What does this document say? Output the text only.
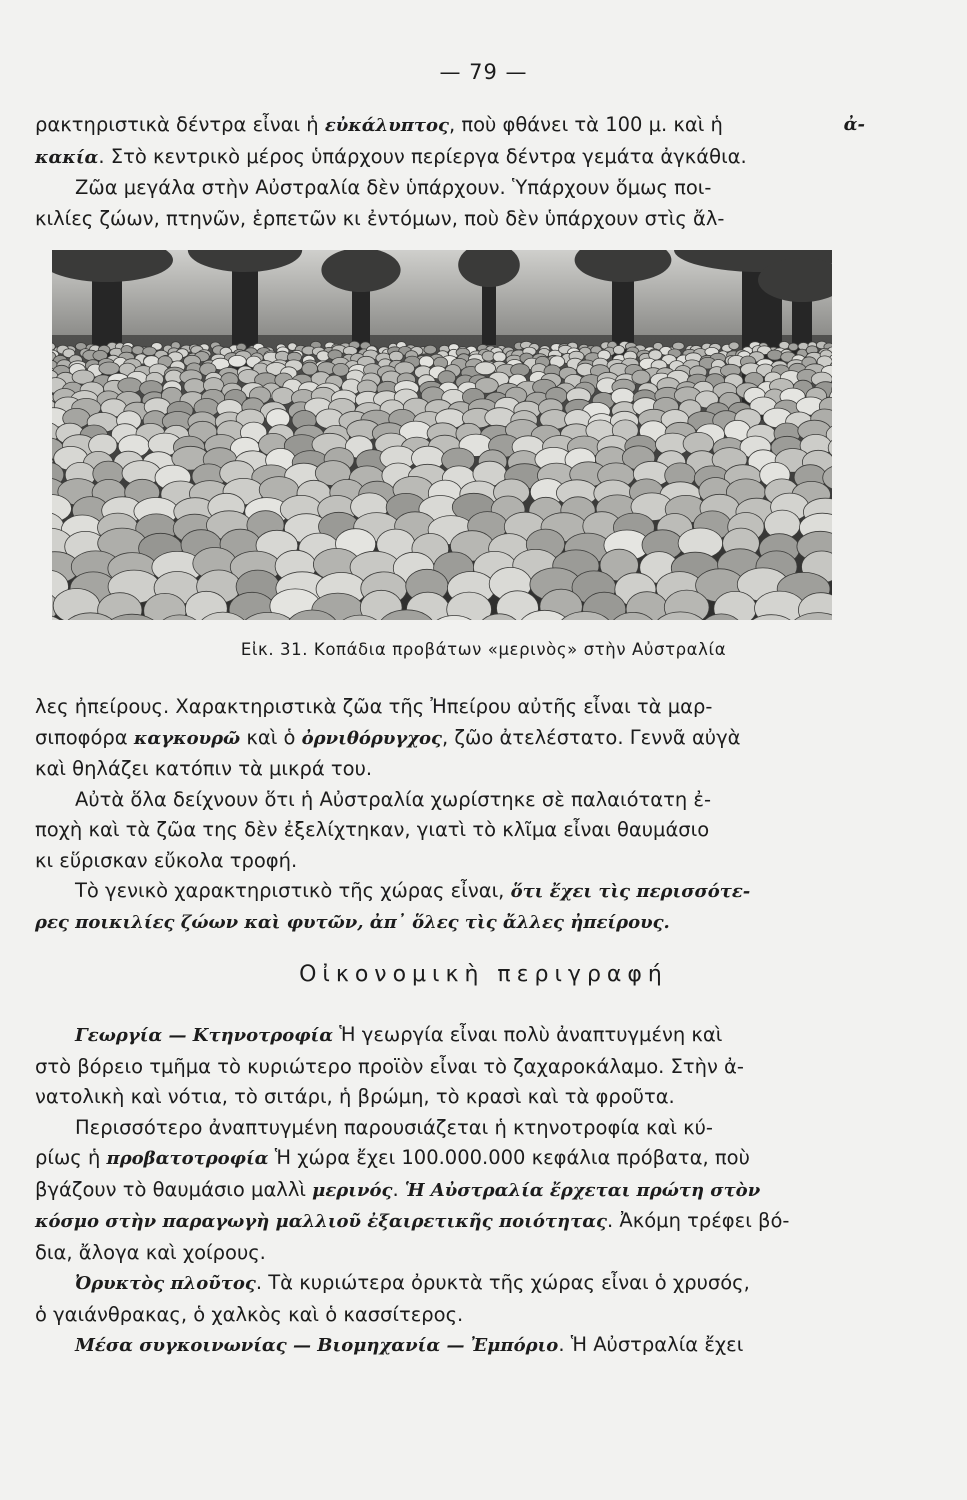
— 79 —
ρακτηριστικὰ δέντρα εἶναι ἡ εὐκάλυπτος, ποὺ φθάνει τὰ 100 μ. καὶ ἡ	ἀ-
κακία. Στὸ κεντρικὸ μέρος ὑπάρχουν περίεργα δέντρα γεμάτα ἀγκάθια.
Ζῶα μεγάλα στὴν Αὐστραλία δὲν ὑπάρχουν. Ὑπάρχουν ὅμως ποι-
κιλίες ζώων, πτηνῶν, ἑρπετῶν κι ἐντόμων, ποὺ δὲν ὑπάρχουν στὶς ἄλ-
Εἰκ. 31. Κοπάδια προβάτων «μερινὸς» στὴν Αὐστραλία
λες ἠπείρους. Χαρακτηριστικὰ ζῶα τῆς Ἠπείρου αὐτῆς εἶναι τὰ μαρ-
σιποφόρα καγκουρῶ καὶ ὁ ὀρνιθόρυγχος, ζῶο ἀτελέστατο. Γεννᾶ αὐγὰ
καὶ θηλάζει κατόπιν τὰ μικρά του.
Αὐτὰ ὅλα δείχνουν ὅτι ἡ Αὐστραλία χωρίστηκε σὲ παλαιότατη ἐ-
ποχὴ καὶ τὰ ζῶα της δὲν ἐξελίχτηκαν, γιατὶ τὸ κλῖμα εἶναι θαυμάσιο
κι εὕρισκαν εὔκολα τροφή.
Τὸ γενικὸ χαρακτηριστικὸ τῆς χώρας εἶναι, ὅτι ἔχει τὶς περισσότε-
ρες ποικιλίες ζώων καὶ φυτῶν, ἀπ᾿ ὅλες τὶς ἄλλες ἠπείρους.
Οἰκονομικὴ περιγραφή
Γεωργία — Κτηνοτροφία Ἡ γεωργία εἶναι πολὺ ἀναπτυγμένη καὶ
στὸ βόρειο τμῆμα τὸ κυριώτερο προϊὸν εἶναι τὸ ζαχαροκάλαμο. Στὴν ἀ-
νατολικὴ καὶ νότια, τὸ σιτάρι, ἡ βρώμη, τὸ κρασὶ καὶ τὰ φροῦτα.
Περισσότερο ἀναπτυγμένη παρουσιάζεται ἡ κτηνοτροφία καὶ κύ-
ρίως ἡ προβατοτροφία Ἡ χώρα ἔχει 100.000.000 κεφάλια πρόβατα, ποὺ
βγάζουν τὸ θαυμάσιο μαλλὶ μερινός. Ἡ Αὐστραλία ἔρχεται πρώτη στὸν
κόσμο στὴν παραγωγὴ μαλλιοῦ ἐξαιρετικῆς ποιότητας. Ἀκόμη τρέφει βό-
δια, ἄλογα καὶ χοίρους.
Ὀρυκτὸς πλοῦτος. Τὰ κυριώτερα ὀρυκτὰ τῆς χώρας εἶναι ὁ χρυσός,
ὁ γαιάνθρακας, ὁ χαλκὸς καὶ ὁ κασσίτερος.
Μέσα συγκοινωνίας — Βιομηχανία — Ἐμπόριο. Ἡ Αὐστραλία ἔχει
